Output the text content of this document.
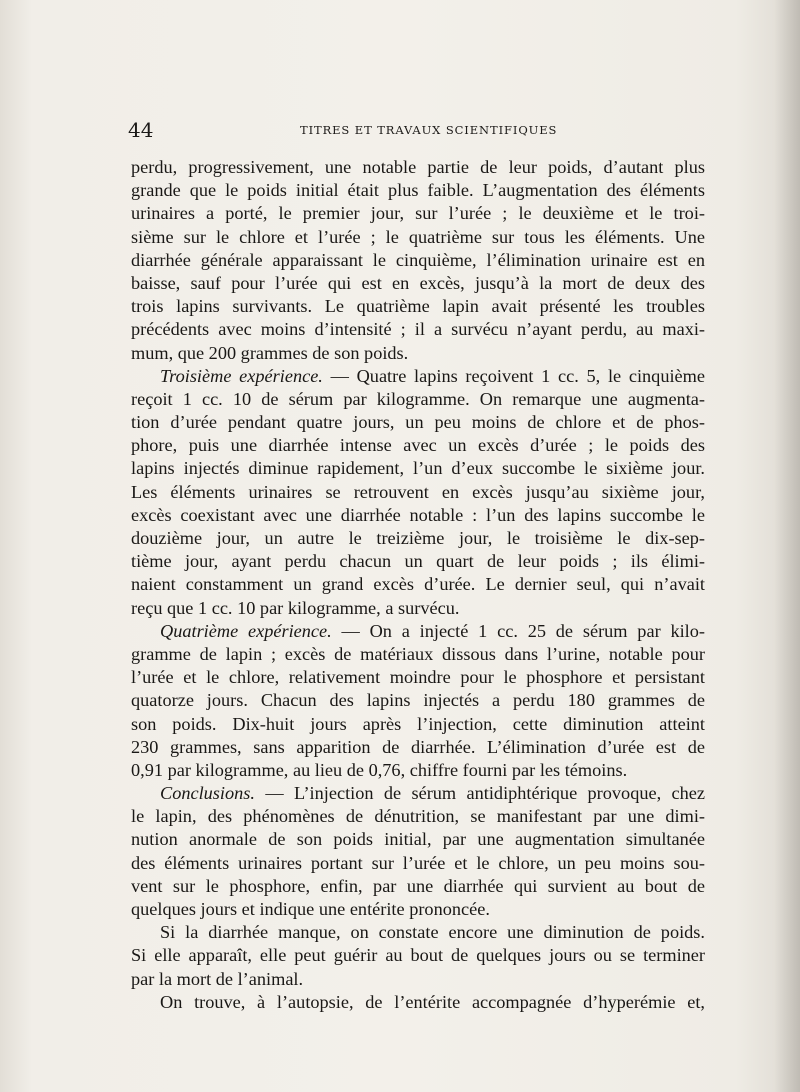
44	TITRES ET TRAVAUX SCIENTIFIQUES
perdu, progressivement, une notable partie de leur poids, d’autant plus
grande que le poids initial était plus faible. L’augmentation des éléments
urinaires a porté, le premier jour, sur l’urée ; le deuxième et le troi-
sième sur le chlore et l’urée ; le quatrième sur tous les éléments. Une
diarrhée générale apparaissant le cinquième, l’élimination urinaire est en
baisse, sauf pour l’urée qui est en excès, jusqu’à la mort de deux des
trois lapins survivants. Le quatrième lapin avait présenté les troubles
précédents avec moins d’intensité ; il a survécu n’ayant perdu, au maxi-
mum, que 200 grammes de son poids.
Troisième expérience. — Quatre lapins reçoivent 1 cc. 5, le cinquième
reçoit 1 cc. 10 de sérum par kilogramme. On remarque une augmenta-
tion d’urée pendant quatre jours, un peu moins de chlore et de phos-
phore, puis une diarrhée intense avec un excès d’urée ; le poids des
lapins injectés diminue rapidement, l’un d’eux succombe le sixième jour.
Les éléments urinaires se retrouvent en excès jusqu’au sixième jour,
excès coexistant avec une diarrhée notable : l’un des lapins succombe le
douzième jour, un autre le treizième jour, le troisième le dix-sep-
tième jour, ayant perdu chacun un quart de leur poids ; ils élimi-
naient constamment un grand excès d’urée. Le dernier seul, qui n’avait
reçu que 1 cc. 10 par kilogramme, a survécu.
Quatrième expérience. — On a injecté 1 cc. 25 de sérum par kilo-
gramme de lapin ; excès de matériaux dissous dans l’urine, notable pour
l’urée et le chlore, relativement moindre pour le phosphore et persistant
quatorze jours. Chacun des lapins injectés a perdu 180 grammes de
son poids. Dix-huit jours après l’injection, cette diminution atteint
230 grammes, sans apparition de diarrhée. L’élimination d’urée est de
0,91 par kilogramme, au lieu de 0,76, chiffre fourni par les témoins.
Conclusions. — L’injection de sérum antidiphtérique provoque, chez
le lapin, des phénomènes de dénutrition, se manifestant par une dimi-
nution anormale de son poids initial, par une augmentation simultanée
des éléments urinaires portant sur l’urée et le chlore, un peu moins sou-
vent sur le phosphore, enfin, par une diarrhée qui survient au bout de
quelques jours et indique une entérite prononcée.
Si la diarrhée manque, on constate encore une diminution de poids.
Si elle apparaît, elle peut guérir au bout de quelques jours ou se terminer
par la mort de l’animal.
On trouve, à l’autopsie, de l’entérite accompagnée d’hyperémie et,
